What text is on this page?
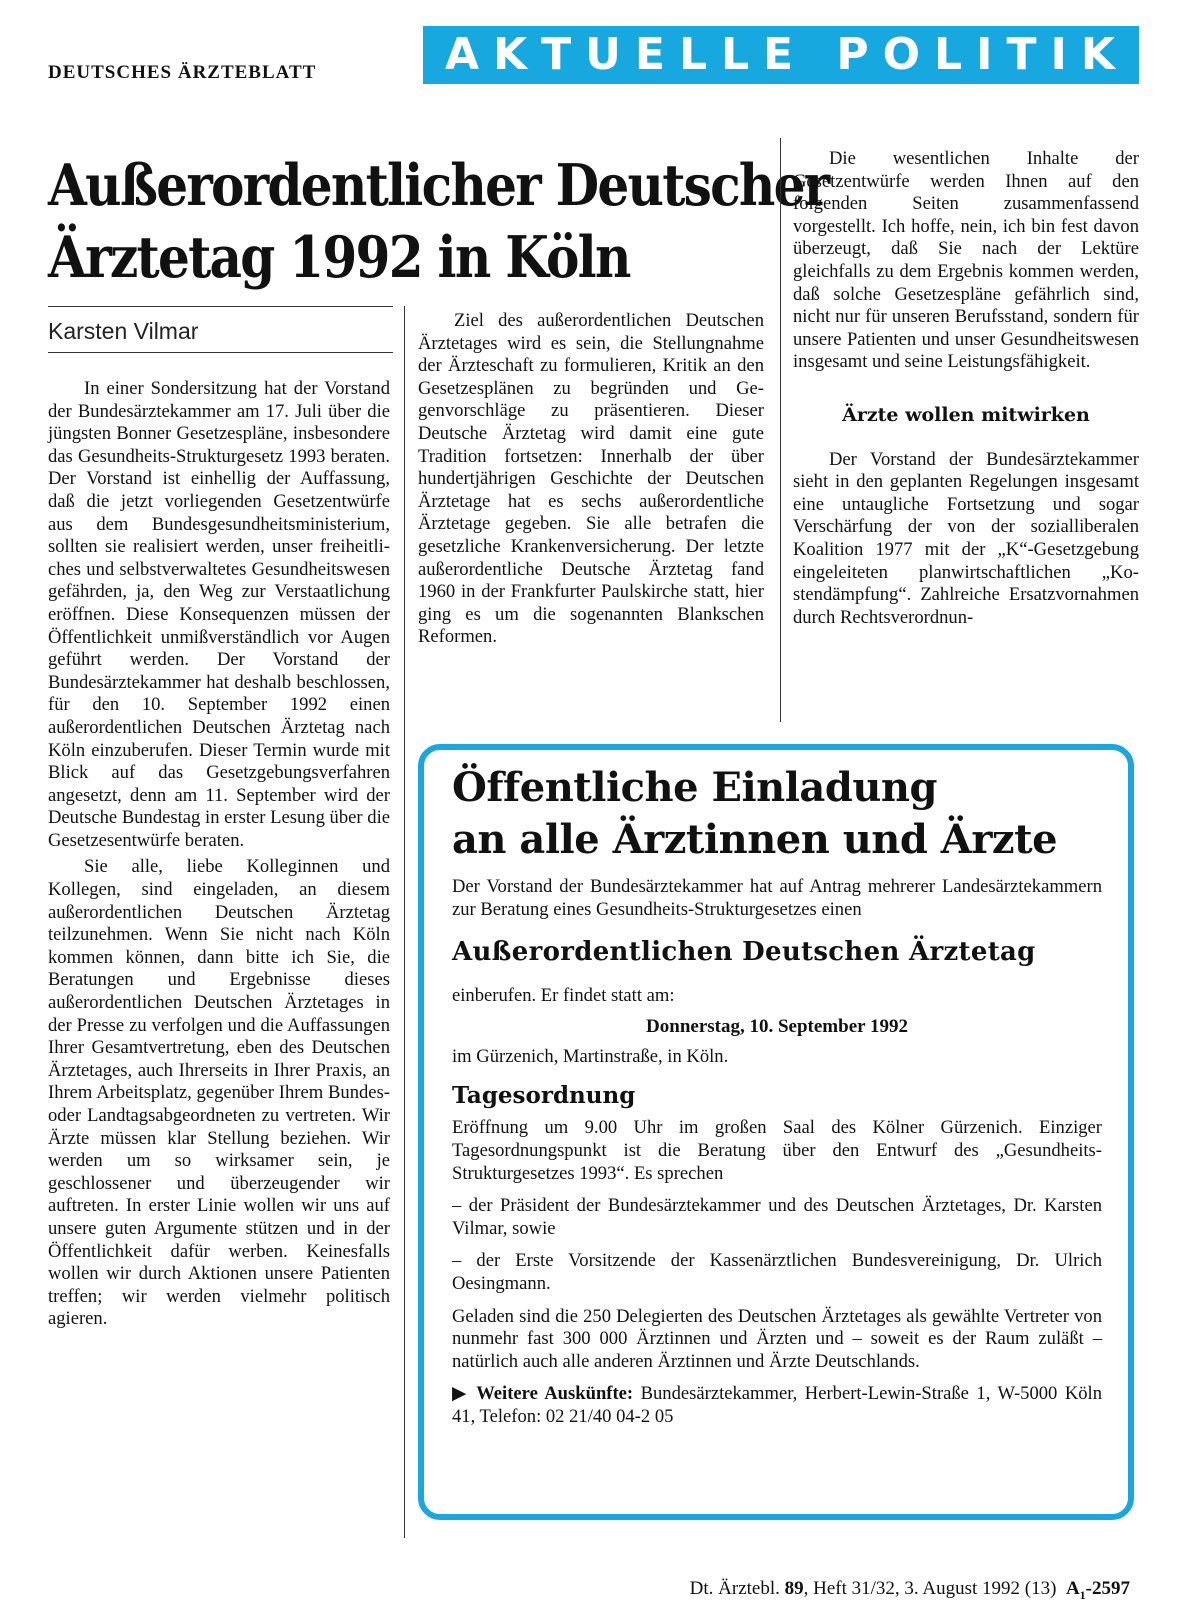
DEUTSCHES ÄRZTEBLATT	AKTUELLE POLITIK
Außerordentlicher Deutscher
Ärztetag 1992 in Köln
Karsten Vilmar

In einer Sondersitzung hat der Vorstand der Bundesärztekammer am 17. Juli über die jüngsten Bonner Gesetzespläne, insbesondere das Gesundheits-Strukturgesetz 1993 beraten. Der Vorstand ist einhellig der Auffassung, daß die jetzt vorliegenden Gesetzentwürfe aus dem Bundesgesundheitsministerium, sollten sie realisiert werden, unser freiheitliches und selbstverwaltetes Gesundheitswesen gefährden, ja, den Weg zur Verstaatlichung eröffnen. Diese Konsequenzen müssen der Öffentlichkeit unmißverständlich vor Augen geführt werden. Der Vorstand der Bundesärztekammer hat deshalb beschlossen, für den 10. September 1992 einen außerordentlichen Deutschen Ärztetag nach Köln einzuberufen. Dieser Termin wurde mit Blick auf das Gesetzgebungsverfahren angesetzt, denn am 11. September wird der Deutsche Bundestag in erster Lesung über die Gesetzesentwürfe beraten.

Sie alle, liebe Kolleginnen und Kollegen, sind eingeladen, an diesem außerordentlichen Deutschen Ärztetag teilzunehmen. Wenn Sie nicht nach Köln kommen können, dann bitte ich Sie, die Beratungen und Ergebnisse dieses außerordentlichen Deutschen Ärztetages in der Presse zu verfolgen und die Auffassungen Ihrer Gesamtvertretung, eben des Deutschen Ärztetages, auch Ihrerseits in Ihrer Praxis, an Ihrem Arbeitsplatz, gegenüber Ihrem Bundes- oder Landtagsabgeordneten zu vertreten. Wir Ärzte müssen klar Stellung beziehen. Wir werden um so wirksamer sein, je geschlossener und überzeugender wir auftreten. In erster Linie wollen wir uns auf unsere guten Argumente stützen und in der Öffentlichkeit dafür werben. Keinesfalls wollen wir durch Aktionen unsere Patienten treffen; wir werden vielmehr politisch agieren.

Ziel des außerordentlichen Deutschen Ärztetages wird es sein, die Stellungnahme der Ärzteschaft zu formulieren, Kritik an den Gesetzesplänen zu begründen und Gegenvorschläge zu präsentieren. Dieser Deutsche Ärztetag wird damit eine gute Tradition fortsetzen: Innerhalb der über hundertjährigen Geschichte der Deutschen Ärztetage hat es sechs außerordentliche Ärztetage gegeben. Sie alle betrafen die gesetzliche Krankenversicherung. Der letzte außerordentliche Deutsche Ärztetag fand 1960 in der Frankfurter Paulskirche statt, hier ging es um die sogenannten Blankschen Reformen.

Die wesentlichen Inhalte der Gesetzentwürfe werden Ihnen auf den folgenden Seiten zusammenfassend vorgestellt. Ich hoffe, nein, ich bin fest davon überzeugt, daß Sie nach der Lektüre gleichfalls zu dem Ergebnis kommen werden, daß solche Gesetzespläne gefährlich sind, nicht nur für unseren Berufsstand, sondern für unsere Patienten und unser Gesundheitswesen insgesamt und seine Leistungsfähigkeit.

Ärzte wollen mitwirken

Der Vorstand der Bundesärztekammer sieht in den geplanten Regelungen insgesamt eine untaugliche Fortsetzung und sogar Verschärfung der von der sozialliberalen Koalition 1977 mit der „K“-Gesetzgebung eingeleiteten planwirtschaftlichen „Kostendämpfung“. Zahlreiche Ersatzvornahmen durch Rechtsverordnun-

Öffentliche Einladung
an alle Ärztinnen und Ärzte

Der Vorstand der Bundesärztekammer hat auf Antrag mehrerer Landesärztekammern zur Beratung eines Gesundheits-Strukturgesetzes einen

Außerordentlichen Deutschen Ärztetag

einberufen. Er findet statt am:

Donnerstag, 10. September 1992

im Gürzenich, Martinstraße, in Köln.

Tagesordnung

Eröffnung um 9.00 Uhr im großen Saal des Kölner Gürzenich. Einziger Tagesordnungspunkt ist die Beratung über den Entwurf des „Gesundheits-Strukturgesetzes 1993“. Es sprechen

– der Präsident der Bundesärztekammer und des Deutschen Ärztetages, Dr. Karsten Vilmar, sowie

– der Erste Vorsitzende der Kassenärztlichen Bundesvereinigung, Dr. Ulrich Oesingmann.

Geladen sind die 250 Delegierten des Deutschen Ärztetages als gewählte Vertreter von nunmehr fast 300 000 Ärztinnen und Ärzten und – soweit es der Raum zuläßt – natürlich auch alle anderen Ärztinnen und Ärzte Deutschlands.

▶ Weitere Auskünfte: Bundesärztekammer, Herbert-Lewin-Straße 1, W-5000 Köln 41, Telefon: 02 21/40 04-2 05

Dt. Ärztebl. 89, Heft 31/32, 3. August 1992 (13) $A_1-2597$
